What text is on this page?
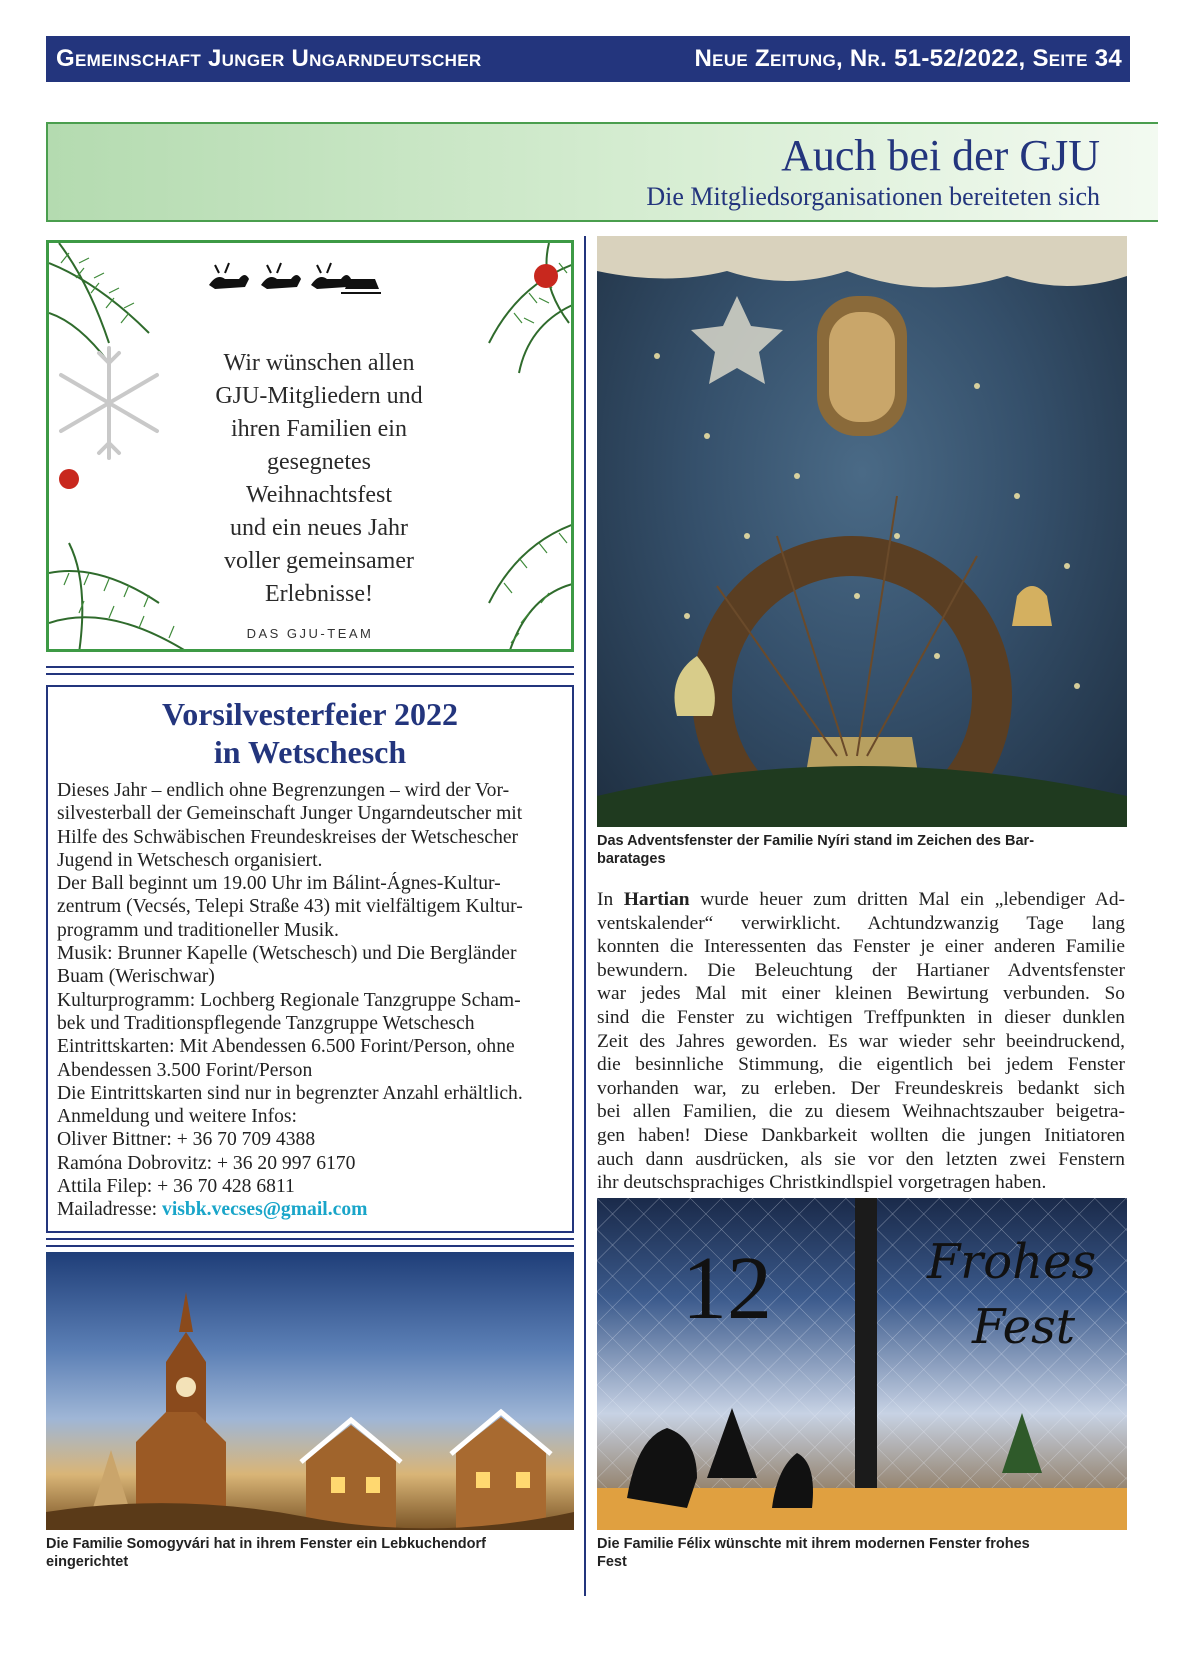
Gemeinschaft Junger Ungarndeutscher	Neue Zeitung, Nr. 51-52/2022, Seite 34
Auch bei der GJU
Die Mitgliedsorganisationen bereiteten sich
Wir wünschen allen
GJU-Mitgliedern und
ihren Familien ein
gesegnetes
Weihnachtsfest
und ein neues Jahr
voller gemeinsamer
Erlebnisse!
DAS GJU-TEAM
Vorsilvesterfeier 2022
in Wetschesch
Dieses Jahr – endlich ohne Begrenzungen – wird der Vor-
silvesterball der Gemeinschaft Junger Ungarndeutscher mit
Hilfe des Schwäbischen Freundeskreises der Wetschescher
Jugend in Wetschesch organisiert.
Der Ball beginnt um 19.00 Uhr im Bálint-Ágnes-Kultur-
zentrum (Vecsés, Telepi Straße 43) mit vielfältigem Kultur-
programm und traditioneller Musik.
Musik: Brunner Kapelle (Wetschesch) und Die Bergländer
Buam (Werischwar)
Kulturprogramm: Lochberg Regionale Tanzgruppe Scham-
bek und Traditionspflegende Tanzgruppe Wetschesch
Eintrittskarten: Mit Abendessen 6.500 Forint/Person, ohne
Abendessen 3.500 Forint/Person
Die Eintrittskarten sind nur in begrenzter Anzahl erhältlich.
Anmeldung und weitere Infos:
Oliver Bittner: + 36 70 709 4388
Ramóna Dobrovitz: + 36 20 997 6170
Attila Filep: + 36 70 428 6811
Mailadresse: visbk.vecses@gmail.com
Die Familie Somogyvári hat in ihrem Fenster ein Lebkuchendorf
eingerichtet
Das Adventsfenster der Familie Nyíri stand im Zeichen des Bar-
baratages
In Hartian wurde heuer zum dritten Mal ein „lebendiger Ad-
ventskalender“ verwirklicht. Achtundzwanzig Tage lang
konnten die Interessenten das Fenster je einer anderen Familie
bewundern. Die Beleuchtung der Hartianer Adventsfenster
war jedes Mal mit einer kleinen Bewirtung verbunden. So
sind die Fenster zu wichtigen Treffpunkten in dieser dunklen
Zeit des Jahres geworden. Es war wieder sehr beeindruckend,
die besinnliche Stimmung, die eigentlich bei jedem Fenster
vorhanden war, zu erleben. Der Freundeskreis bedankt sich
bei allen Familien, die zu diesem Weihnachtszauber beigetra-
gen haben! Diese Dankbarkeit wollten die jungen Initiatoren
auch dann ausdrücken, als sie vor den letzten zwei Fenstern
ihr deutschsprachiges Christkindlspiel vorgetragen haben.
12	Frohes
Fest
Die Familie Félix wünschte mit ihrem modernen Fenster frohes
Fest
